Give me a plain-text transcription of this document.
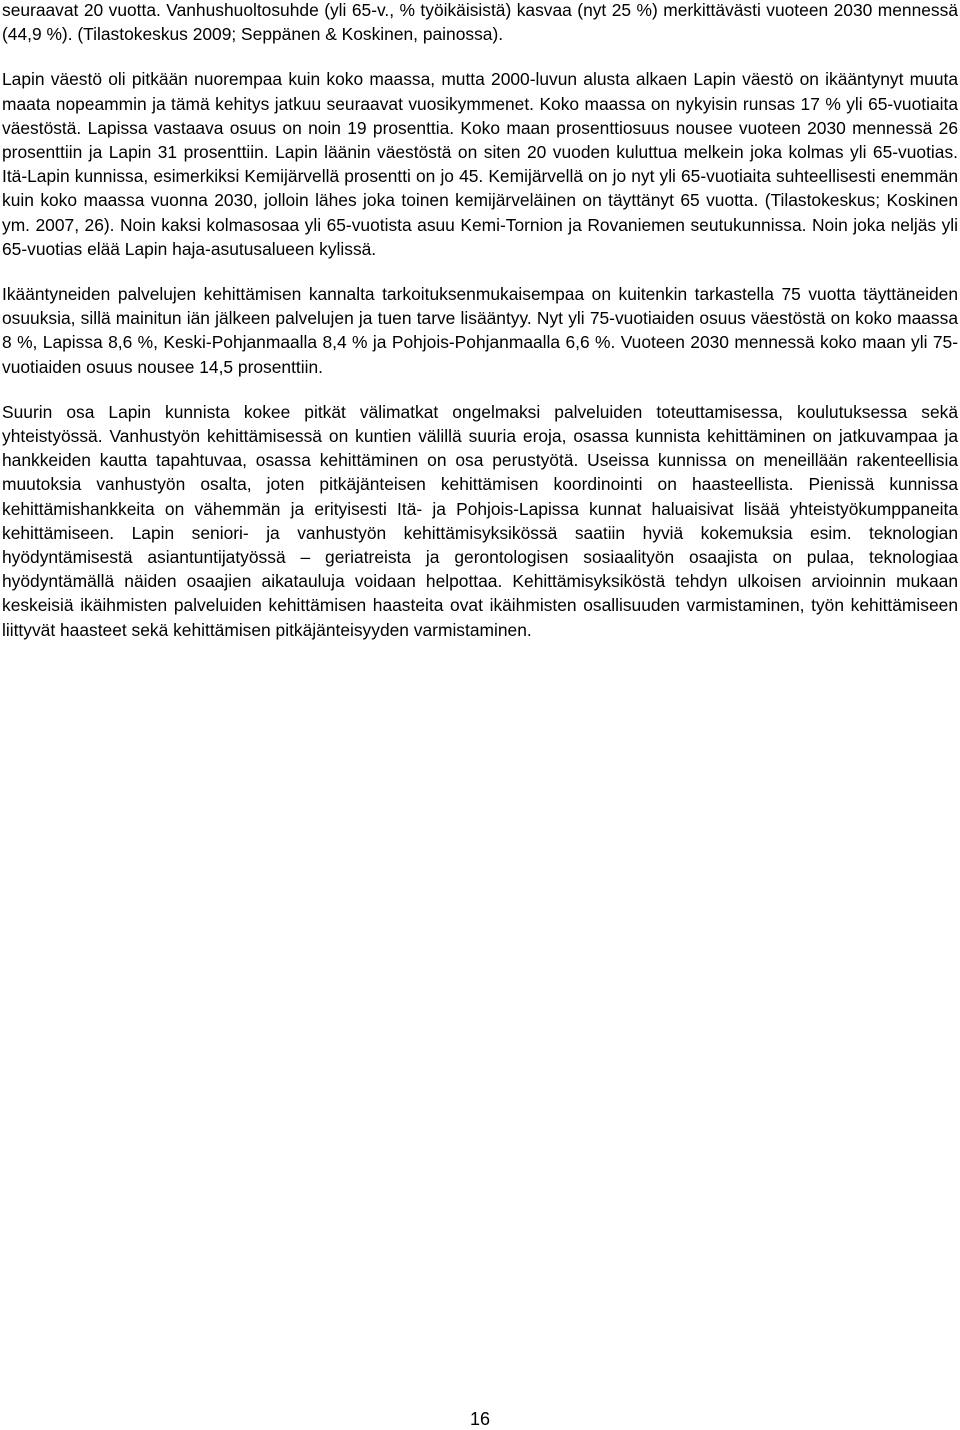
seuraavat 20 vuotta. Vanhushuoltosuhde (yli 65-v., % työikäisistä) kasvaa (nyt 25 %) merkittävästi vuoteen 2030 mennessä (44,9 %). (Tilastokeskus 2009; Seppänen & Koskinen, painossa).

Lapin väestö oli pitkään nuorempaa kuin koko maassa, mutta 2000-luvun alusta alkaen Lapin väestö on ikääntynyt muuta maata nopeammin ja tämä kehitys jatkuu seuraavat vuosikymmenet. Koko maassa on nykyisin runsas 17 % yli 65-vuotiaita väestöstä. Lapissa vastaava osuus on noin 19 prosenttia. Koko maan prosenttiosuus nousee vuoteen 2030 mennessä 26 prosenttiin ja Lapin 31 prosenttiin. Lapin läänin väestöstä on siten 20 vuoden kuluttua melkein joka kolmas yli 65-vuotias. Itä-Lapin kunnissa, esimerkiksi Kemijärvellä prosentti on jo 45. Kemijärvellä on jo nyt yli 65-vuotiaita suhteellisesti enemmän kuin koko maassa vuonna 2030, jolloin lähes joka toinen kemijärveläinen on täyttänyt 65 vuotta. (Tilastokeskus; Koskinen ym. 2007, 26). Noin kaksi kolmasosaa yli 65-vuotista asuu Kemi-Tornion ja Rovaniemen seutukunnissa. Noin joka neljäs yli 65-vuotias elää Lapin haja-asutusalueen kylissä.

Ikääntyneiden palvelujen kehittämisen kannalta tarkoituksenmukaisempaa on kuitenkin tarkastella 75 vuotta täyttäneiden osuuksia, sillä mainitun iän jälkeen palvelujen ja tuen tarve lisääntyy. Nyt yli 75-vuotiaiden osuus väestöstä on koko maassa 8 %, Lapissa 8,6 %, Keski-Pohjanmaalla 8,4 % ja Pohjois-Pohjanmaalla 6,6 %. Vuoteen 2030 mennessä koko maan yli 75-vuotiaiden osuus nousee 14,5 prosenttiin.

Suurin osa Lapin kunnista kokee pitkät välimatkat ongelmaksi palveluiden toteuttamisessa, koulutuksessa sekä yhteistyössä. Vanhustyön kehittämisessä on kuntien välillä suuria eroja, osassa kunnista kehittäminen on jatkuvampaa ja hankkeiden kautta tapahtuvaa, osassa kehittäminen on osa perustyötä. Useissa kunnissa on meneillään rakenteellisia muutoksia vanhustyön osalta, joten pitkäjänteisen kehittämisen koordinointi on haasteellista. Pienissä kunnissa kehittämishankkeita on vähemmän ja erityisesti Itä- ja Pohjois-Lapissa kunnat haluaisivat lisää yhteistyökumppaneita kehittämiseen. Lapin seniori- ja vanhustyön kehittämisyksikössä saatiin hyviä kokemuksia esim. teknologian hyödyntämisestä asiantuntijatyössä – geriatreista ja gerontologisen sosiaalityön osaajista on pulaa, teknologiaa hyödyntämällä näiden osaajien aikatauluja voidaan helpottaa. Kehittämisyksiköstä tehdyn ulkoisen arvioinnin mukaan keskeisiä ikäihmisten palveluiden kehittämisen haasteita ovat ikäihmisten osallisuuden varmistaminen, työn kehittämiseen liittyvät haasteet sekä kehittämisen pitkäjänteisyyden varmistaminen.

16
